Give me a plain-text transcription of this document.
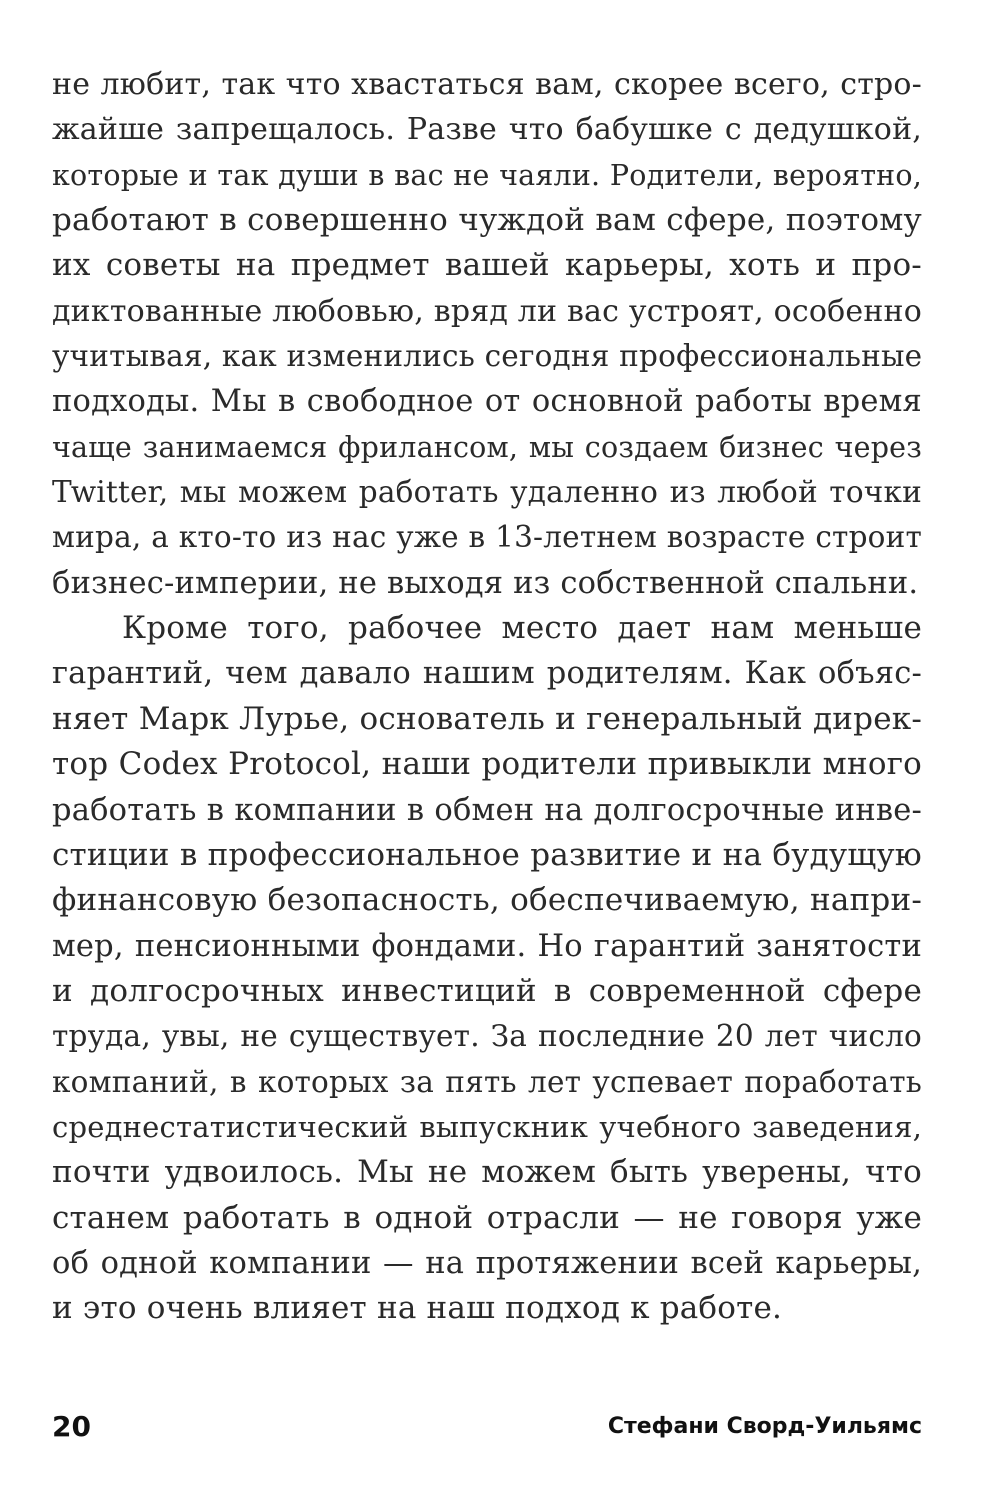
не любит, так что хвастаться вам, скорее всего, стро-
жайше запрещалось. Разве что бабушке с дедушкой,
которые и так души в вас не чаяли. Родители, вероятно,
работают в совершенно чуждой вам сфере, поэтому
их советы на предмет вашей карьеры, хоть и про-
диктованные любовью, вряд ли вас устроят, особенно
учитывая, как изменились сегодня профессиональные
подходы. Мы в свободное от основной работы время
чаще занимаемся фрилансом, мы создаем бизнес через
Twitter, мы можем работать удаленно из любой точки
мира, а кто-то из нас уже в 13-летнем возрасте строит
бизнес-империи, не выходя из собственной спальни.
Кроме того, рабочее место дает нам меньше
гарантий, чем давало нашим родителям. Как объяс-
няет Марк Лурье, основатель и генеральный дирек-
тор Codex Protocol, наши родители привыкли много
работать в компании в обмен на долгосрочные инве-
стиции в профессиональное развитие и на будущую
финансовую безопасность, обеспечиваемую, напри-
мер, пенсионными фондами. Но гарантий занятости
и долгосрочных инвестиций в современной сфере
труда, увы, не существует. За последние 20 лет число
компаний, в которых за пять лет успевает поработать
среднестатистический выпускник учебного заведения,
почти удвоилось. Мы не можем быть уверены, что
станем работать в одной отрасли — не говоря уже
об одной компании — на протяжении всей карьеры,
и это очень влияет на наш подход к работе.
20	Стефани Сворд-Уильямс
